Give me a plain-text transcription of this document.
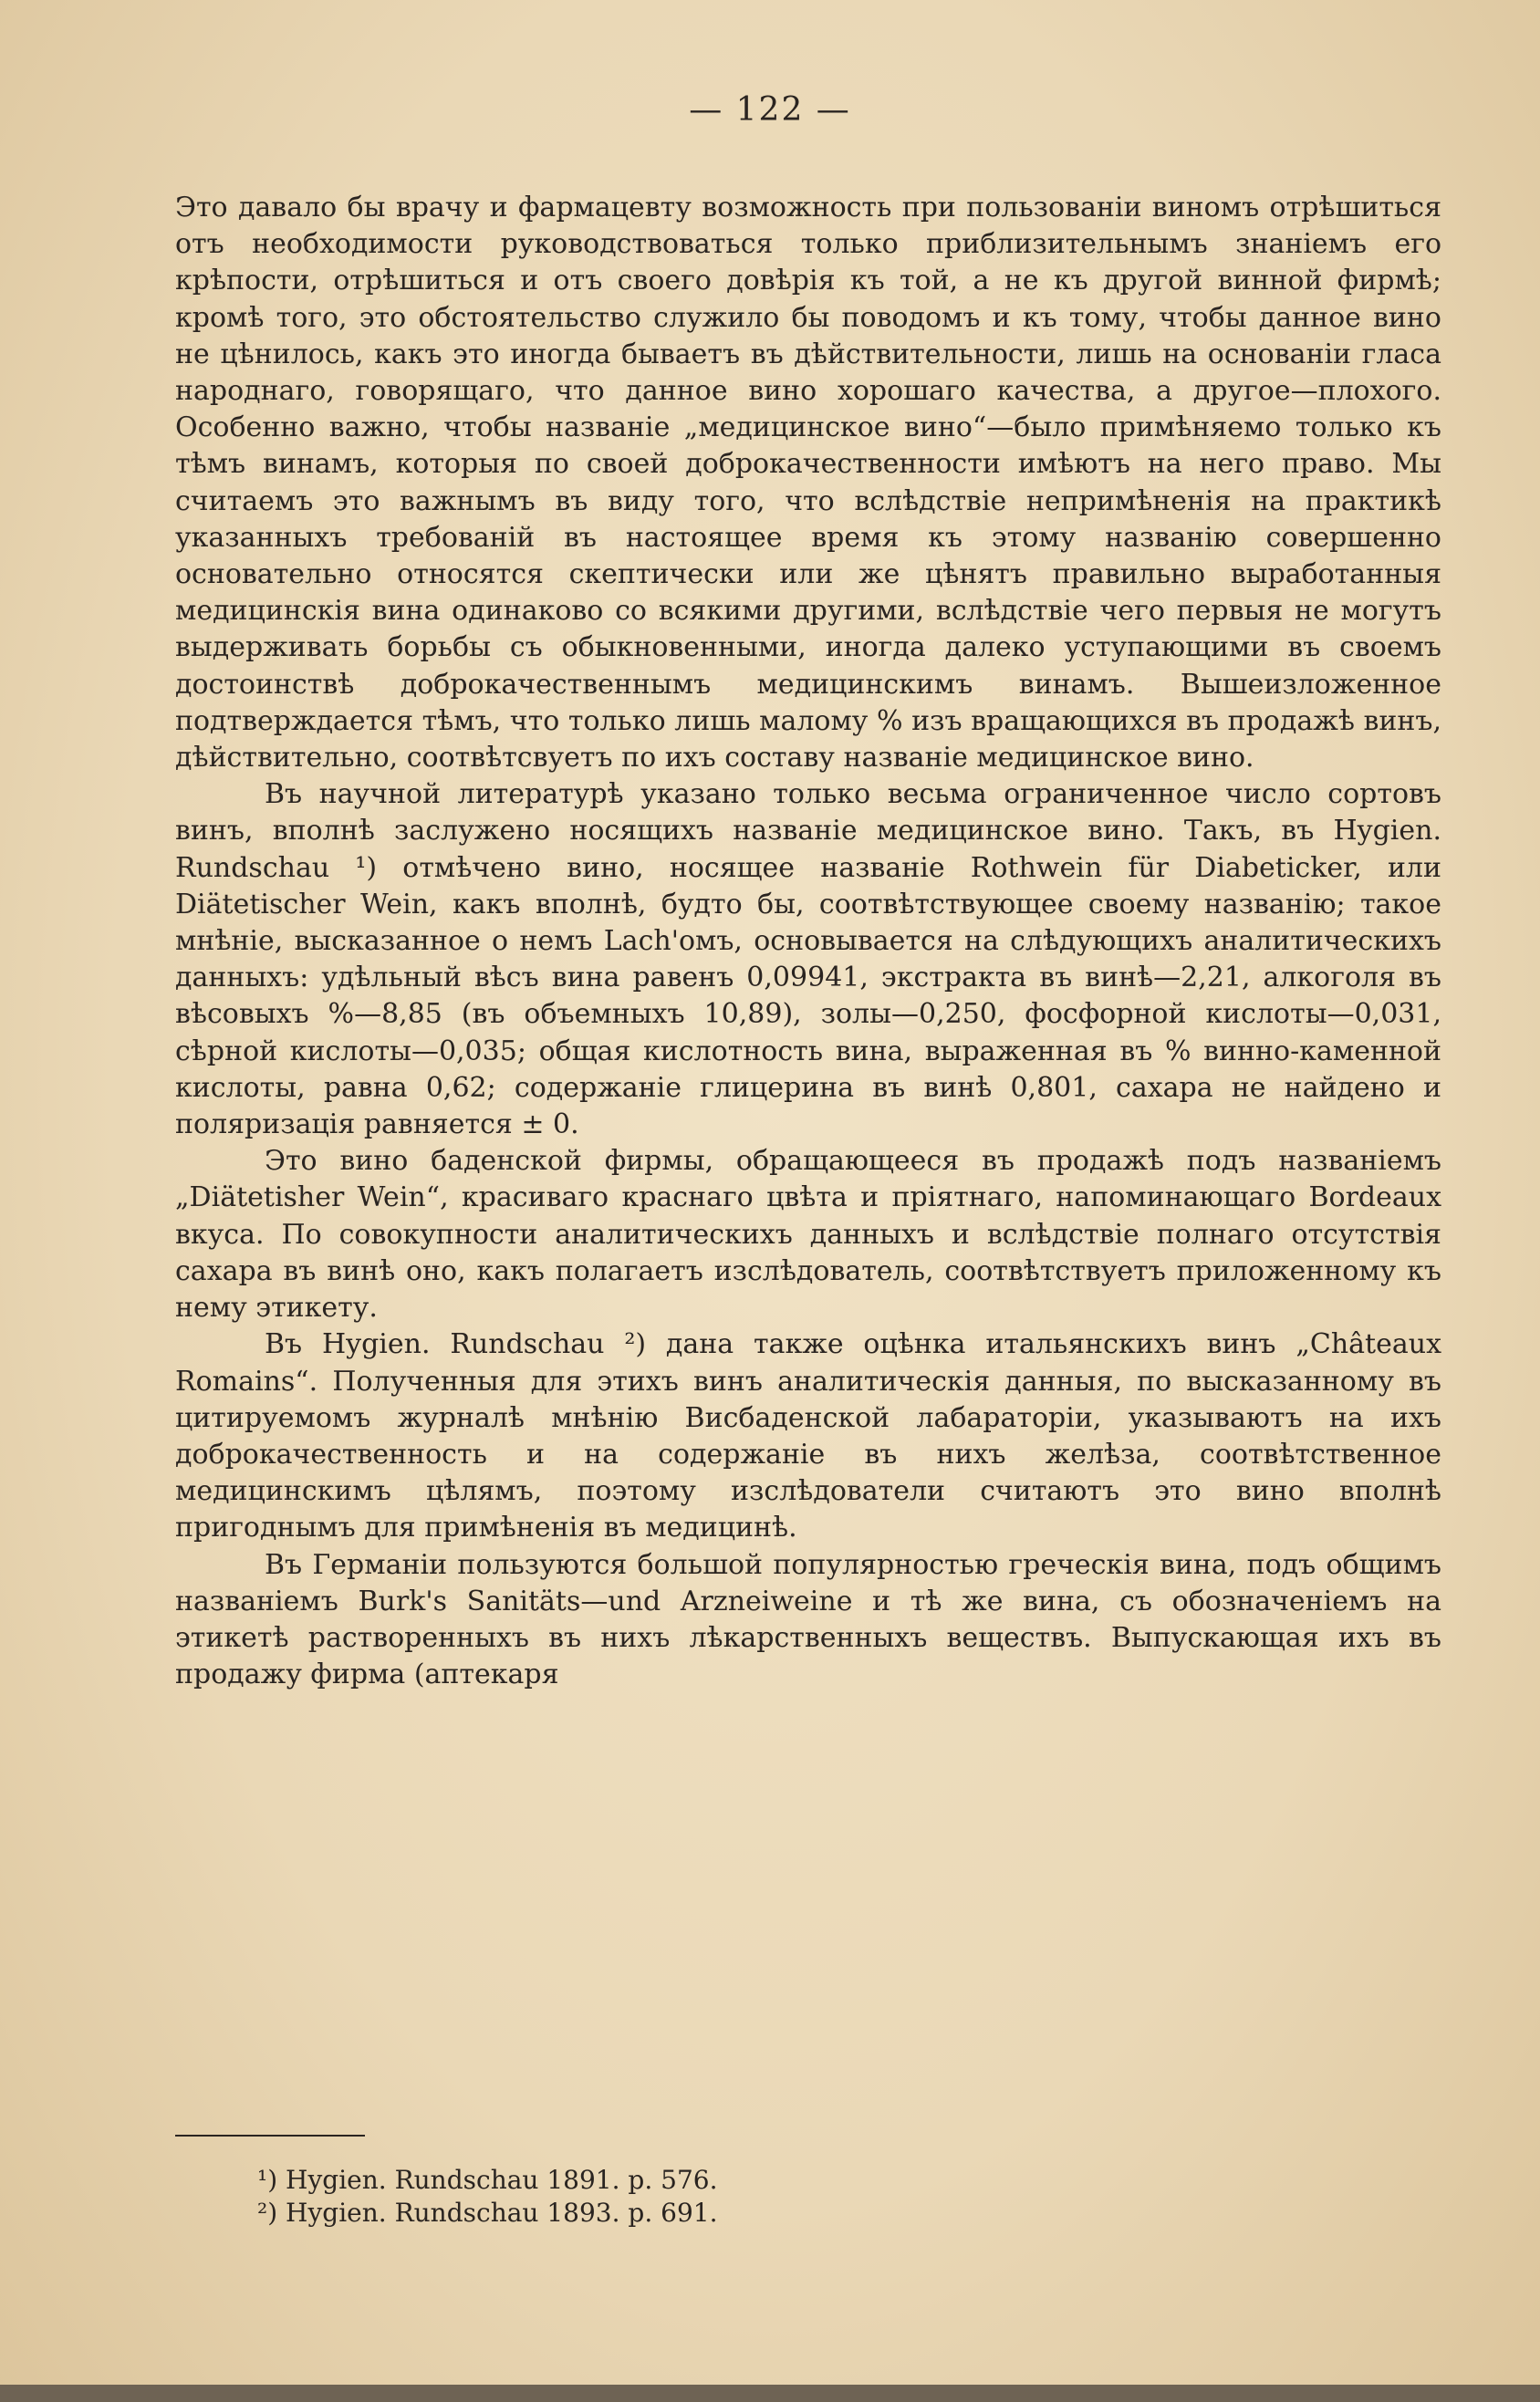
— 122 —

Это давало бы врачу и фармацевту возможность при пользованіи виномъ отрѣшиться отъ необходимости руководствоваться только приблизительнымъ знаніемъ его крѣпости, отрѣшиться и отъ своего довѣрія къ той, а не къ другой винной фирмѣ; кромѣ того, это обстоятельство служило бы поводомъ и къ тому, чтобы данное вино не цѣнилось, какъ это иногда бываетъ въ дѣйствительности, лишь на основаніи гласа народнаго, говорящаго, что данное вино хорошаго качества, а другое—плохого. Особенно важно, чтобы названіе „медицинское вино“—было примѣняемо только къ тѣмъ винамъ, которыя по своей доброкачественности имѣютъ на него право. Мы считаемъ это важнымъ въ виду того, что вслѣдствіе непримѣненія на практикѣ указанныхъ требованій въ настоящее время къ этому названію совершенно основательно относятся скептически или же цѣнятъ правильно выработанныя медицинскія вина одинаково со всякими другими, вслѣдствіе чего первыя не могутъ выдерживать борьбы съ обыкновенными, иногда далеко уступающими въ своемъ достоинствѣ доброкачественнымъ медицинскимъ винамъ. Вышеизложенное подтверждается тѣмъ, что только лишь малому % изъ вращающихся въ продажѣ винъ, дѣйствительно, соотвѣтсвуетъ по ихъ составу названіе медицинское вино.

Въ научной литературѣ указано только весьма ограниченное число сортовъ винъ, вполнѣ заслужено носящихъ названіе медицинское вино. Такъ, въ Hygien. Rundschau ¹) отмѣчено вино, носящее названіе Rothwein für Diabeticker, или Diätetischer Wein, какъ вполнѣ, будто бы, соотвѣтствующее своему названію; такое мнѣніе, высказанное о немъ Lach'омъ, основывается на слѣдующихъ аналитическихъ данныхъ: удѣльный вѣсъ вина равенъ 0,09941, экстракта въ винѣ—2,21, алкоголя въ вѣсовыхъ %—8,85 (въ объемныхъ 10,89), золы—0,250, фосфорной кислоты—0,031, сѣрной кислоты—0,035; общая кислотность вина, выраженная въ % винно-каменной кислоты, равна 0,62; содержаніе глицерина въ винѣ 0,801, сахара не найдено и поляризація равняется ± 0.

Это вино баденской фирмы, обращающееся въ продажѣ подъ названіемъ „Diätetisher Wein“, красиваго краснаго цвѣта и пріятнаго, напоминающаго Bordeaux вкуса. По совокупности аналитическихъ данныхъ и вслѣдствіе полнаго отсутствія сахара въ винѣ оно, какъ полагаетъ изслѣдователь, соотвѣтствуетъ приложенному къ нему этикету.

Въ Hygien. Rundschau ²) дана также оцѣнка итальянскихъ винъ „Châteaux Romains“. Полученныя для этихъ винъ аналитическія данныя, по высказанному въ цитируемомъ журналѣ мнѣнію Висбаденской лабараторіи, указываютъ на ихъ доброкачественность и на содержаніе въ нихъ желѣза, соотвѣтственное медицинскимъ цѣлямъ, поэтому изслѣдователи считаютъ это вино вполнѣ пригоднымъ для примѣненія въ медицинѣ.

Въ Германіи пользуются большой популярностью греческія вина, подъ общимъ названіемъ Burk's Sanitäts—und Arzneiweine и тѣ же вина, съ обозначеніемъ на этикетѣ растворенныхъ въ нихъ лѣкарственныхъ веществъ. Выпускающая ихъ въ продажу фирма (аптекаря

¹) Hygien. Rundschau 1891. p. 576.
²) Hygien. Rundschau 1893. p. 691.
